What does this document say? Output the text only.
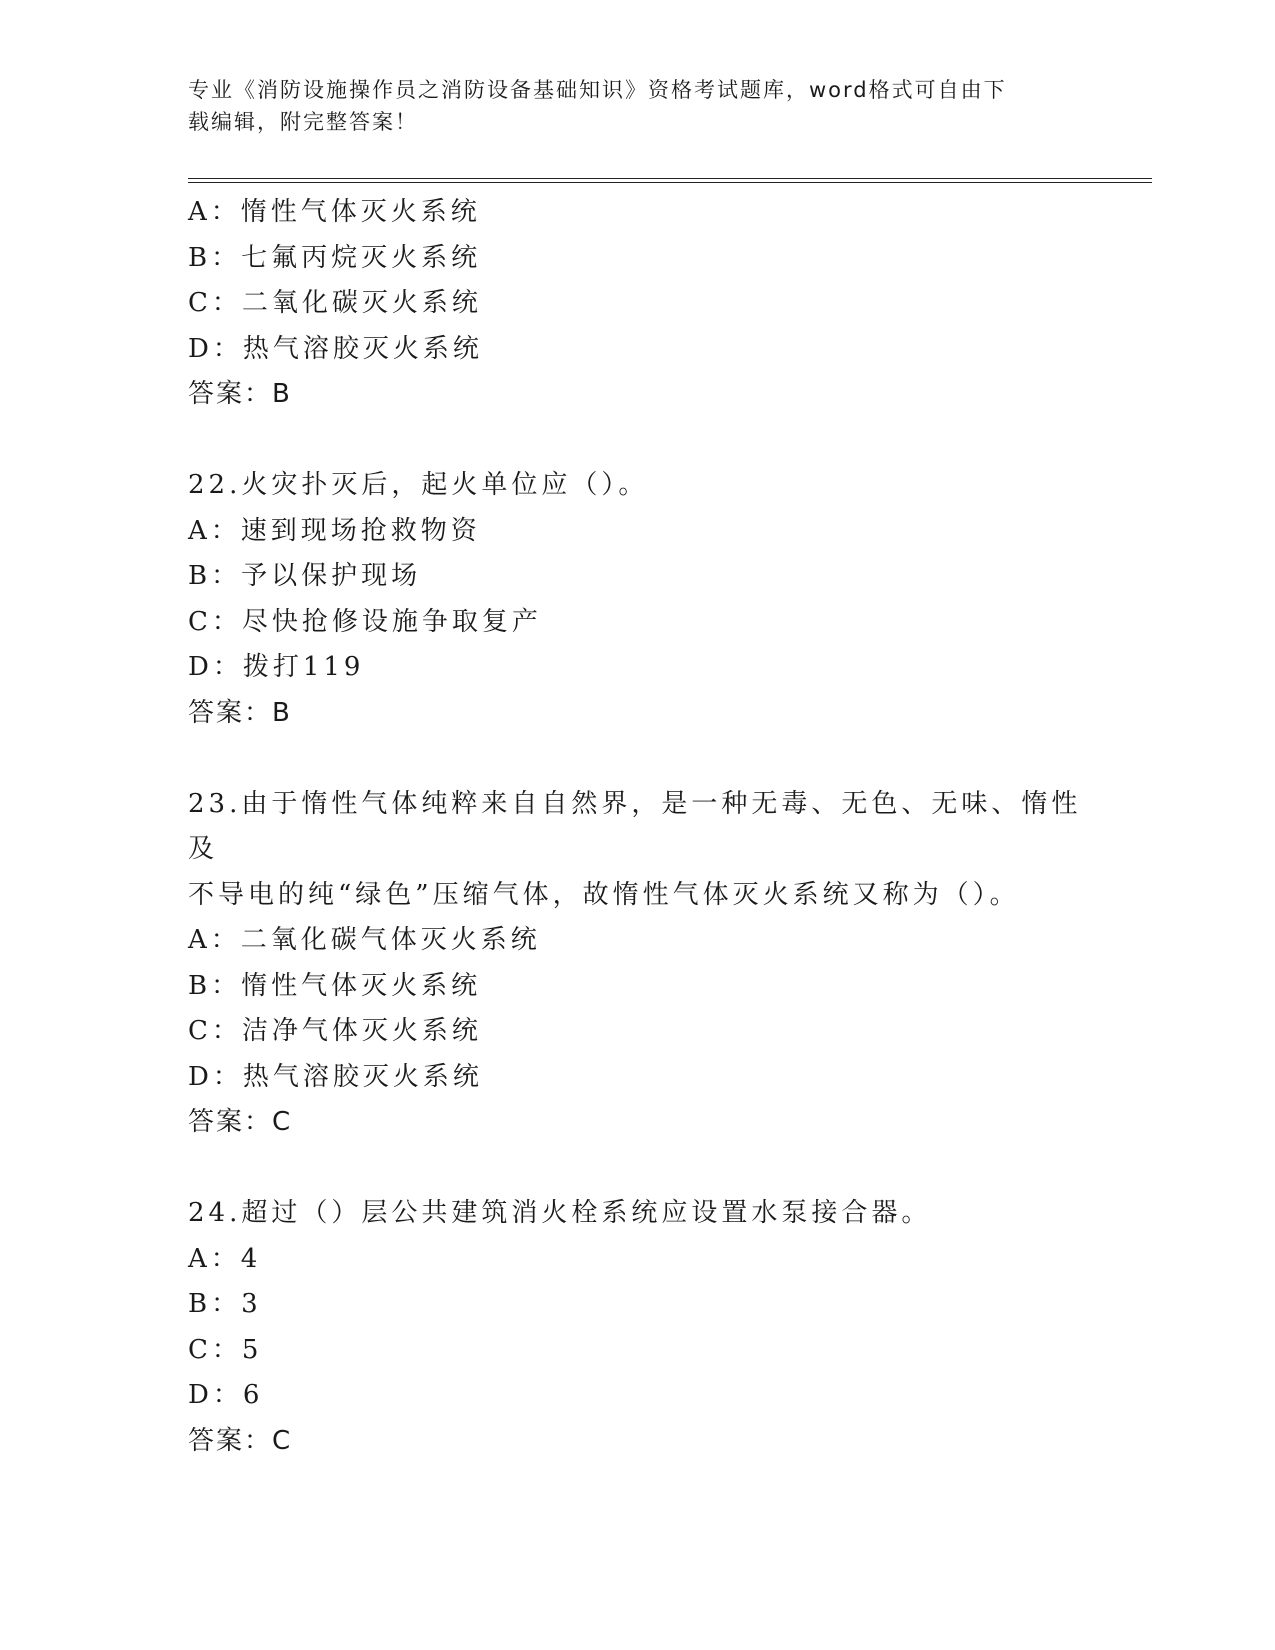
专业《消防设施操作员之消防设备基础知识》资格考试题库，word格式可自由下
载编辑，附完整答案！
A：惰性气体灭火系统
B：七氟丙烷灭火系统
C：二氧化碳灭火系统
D：热气溶胶灭火系统
答案：B
22.火灾扑灭后，起火单位应（）。
A：速到现场抢救物资
B：予以保护现场
C：尽快抢修设施争取复产
D：拨打119
答案：B
23.由于惰性气体纯粹来自自然界，是一种无毒、无色、无味、惰性及
不导电的纯“绿色”压缩气体，故惰性气体灭火系统又称为（）。
A：二氧化碳气体灭火系统
B：惰性气体灭火系统
C：洁净气体灭火系统
D：热气溶胶灭火系统
答案：C
24.超过（）层公共建筑消火栓系统应设置水泵接合器。
A：4
B：3
C：5
D：6
答案：C
